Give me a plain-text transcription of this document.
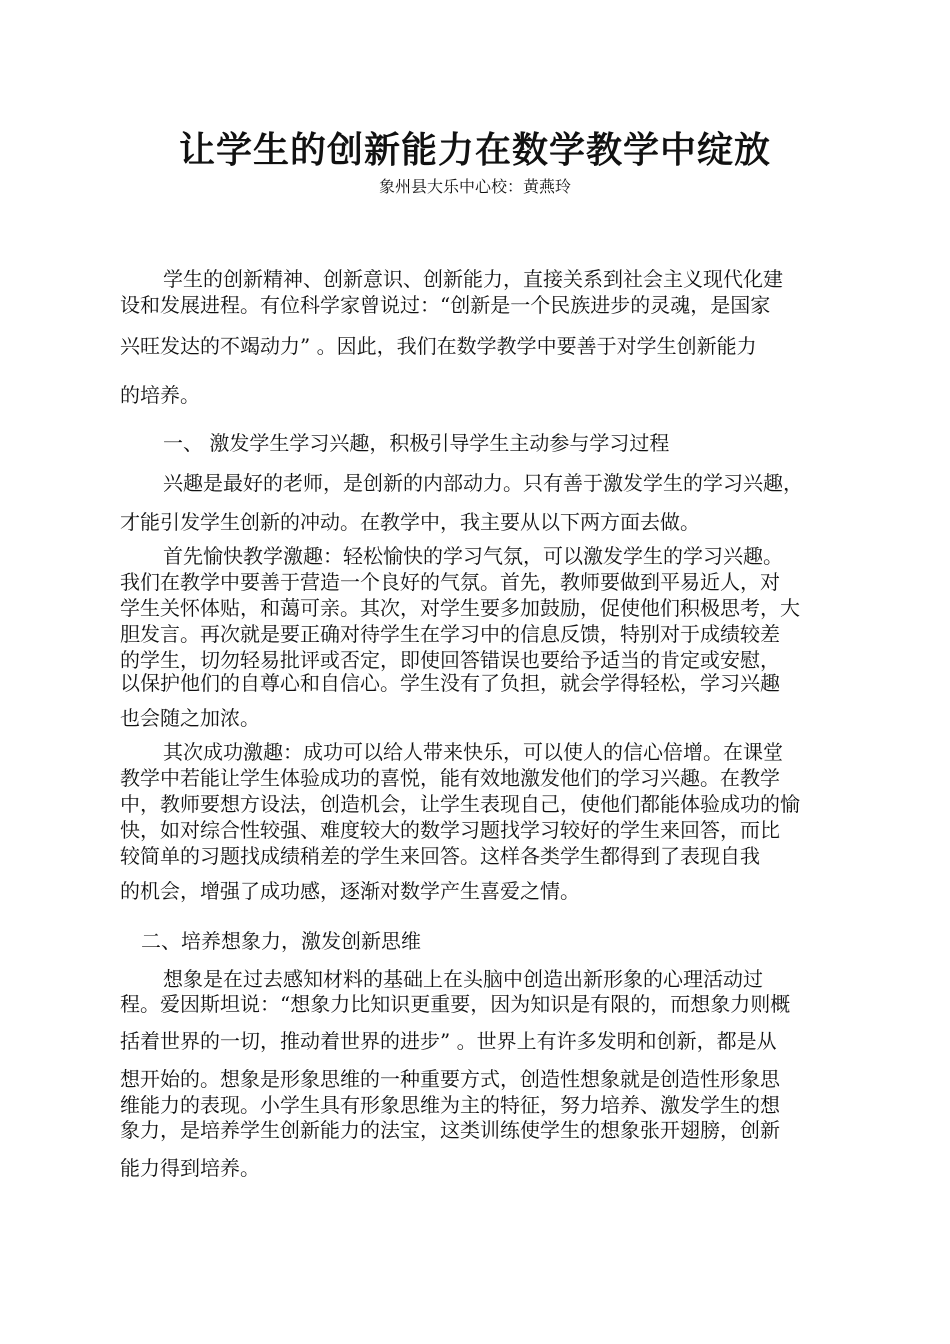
让学生的创新能力在数学教学中绽放

象州县大乐中心校：黄燕玲

学生的创新精神、创新意识、创新能力，直接关系到社会主义现代化建

设和发展进程。有位科学家曾说过：“创新是一个民族进步的灵魂，是国家

兴旺发达的不竭动力” 。因此，我们在数学教学中要善于对学生创新能力

的培养。

一、 激发学生学习兴趣，积极引导学生主动参与学习过程

兴趣是最好的老师，是创新的内部动力。只有善于激发学生的学习兴趣，

才能引发学生创新的冲动。在教学中，我主要从以下两方面去做。

首先愉快教学激趣：轻松愉快的学习气氛，可以激发学生的学习兴趣。

我们在教学中要善于营造一个良好的气氛。首先，教师要做到平易近人，对

学生关怀体贴，和蔼可亲。其次，对学生要多加鼓励，促使他们积极思考，大

胆发言。再次就是要正确对待学生在学习中的信息反馈，特别对于成绩较差

的学生，切勿轻易批评或否定，即使回答错误也要给予适当的肯定或安慰，

以保护他们的自尊心和自信心。学生没有了负担，就会学得轻松，学习兴趣

也会随之加浓。

其次成功激趣：成功可以给人带来快乐，可以使人的信心倍增。在课堂

教学中若能让学生体验成功的喜悦，能有效地激发他们的学习兴趣。在教学

中，教师要想方设法，创造机会，让学生表现自己，使他们都能体验成功的愉

快，如对综合性较强、难度较大的数学习题找学习较好的学生来回答，而比

较简单的习题找成绩稍差的学生来回答。这样各类学生都得到了表现自我

的机会，增强了成功感，逐渐对数学产生喜爱之情。

二、培养想象力，激发创新思维

想象是在过去感知材料的基础上在头脑中创造出新形象的心理活动过

程。爱因斯坦说：“想象力比知识更重要，因为知识是有限的，而想象力则概

括着世界的一切，推动着世界的进步” 。世界上有许多发明和创新，都是从

想开始的。想象是形象思维的一种重要方式，创造性想象就是创造性形象思

维能力的表现。小学生具有形象思维为主的特征，努力培养、激发学生的想

象力，是培养学生创新能力的法宝，这类训练使学生的想象张开翅膀，创新

能力得到培养。
